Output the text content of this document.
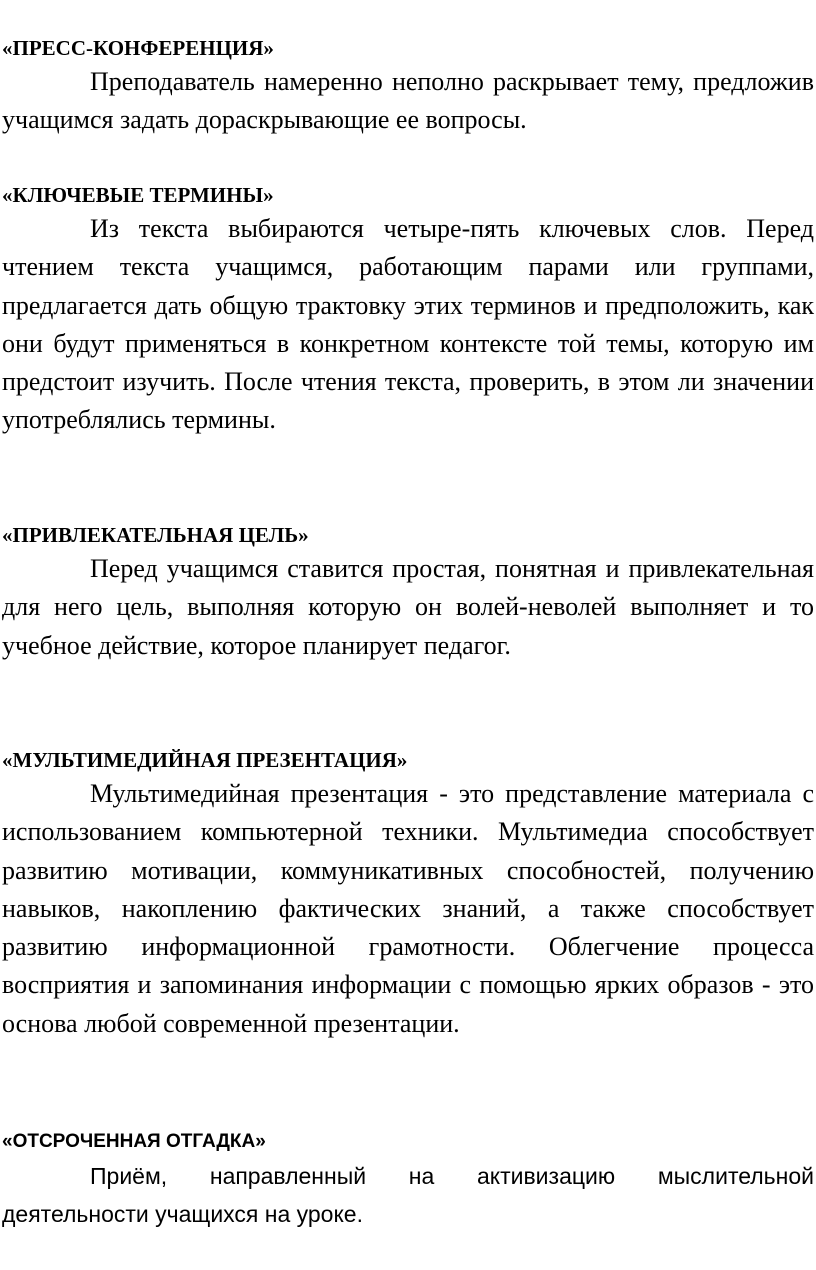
«ПРЕСС-КОНФЕРЕНЦИЯ»

Преподаватель намеренно неполно раскрывает тему, предложив учащимся задать дораскрывающие ее вопросы.

«КЛЮЧЕВЫЕ ТЕРМИНЫ»

Из текста выбираются четыре-пять ключевых слов. Перед чтением текста учащимся, работающим парами или группами, предлагается дать общую трактовку этих терминов и предположить, как они будут применяться в конкретном контексте той темы, которую им предстоит изучить. После чтения текста, проверить, в этом ли значении употреблялись термины.

«ПРИВЛЕКАТЕЛЬНАЯ ЦЕЛЬ»

Перед учащимся ставится простая, понятная и привлекательная для него цель, выполняя которую он волей-неволей выполняет и то учебное действие, которое планирует педагог.

«МУЛЬТИМЕДИЙНАЯ ПРЕЗЕНТАЦИЯ»

Мультимедийная презентация - это представление материала с использованием компьютерной техники. Мультимедиа способствует развитию мотивации, коммуникативных способностей, получению навыков, накоплению фактических знаний, а также способствует развитию информационной грамотности. Облегчение процесса восприятия и запоминания информации с помощью ярких образов - это основа любой современной презентации.

«ОТСРОЧЕННАЯ ОТГАДКА»

Приём, направленный на активизацию мыслительной деятельности учащихся на уроке.
